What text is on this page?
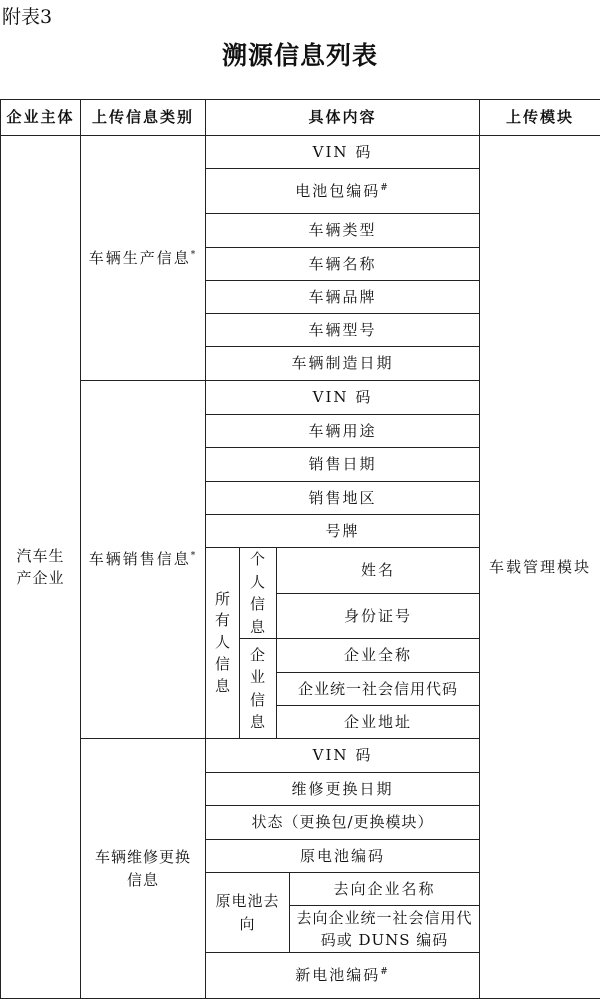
附表3
溯源信息列表
企业主体	上传信息类别	具体内容				上传模块
汽车生产企业	车辆生产信息*	VIN 码				车载管理模块
		电池包编码#
		车辆类型				
		车辆名称				
		车辆品牌				
		车辆型号				
		车辆制造日期				
	车辆销售信息*	VIN 码				
		车辆用途				
		销售日期				
		销售地区				
		号牌				
		所有人信息	个人信息	姓名		
				身份证号		
			企业信息	企业全称		
				企业统一社会信用代码		
				企业地址		
	车辆维修更换信息	VIN 码				
		维修更换日期				
		状态（更换包/更换模块）				
		原电池编码				
		原电池去向			去向企业名称	
					去向企业统一社会信用代码或 DUNS 编码	
		新电池编码#
